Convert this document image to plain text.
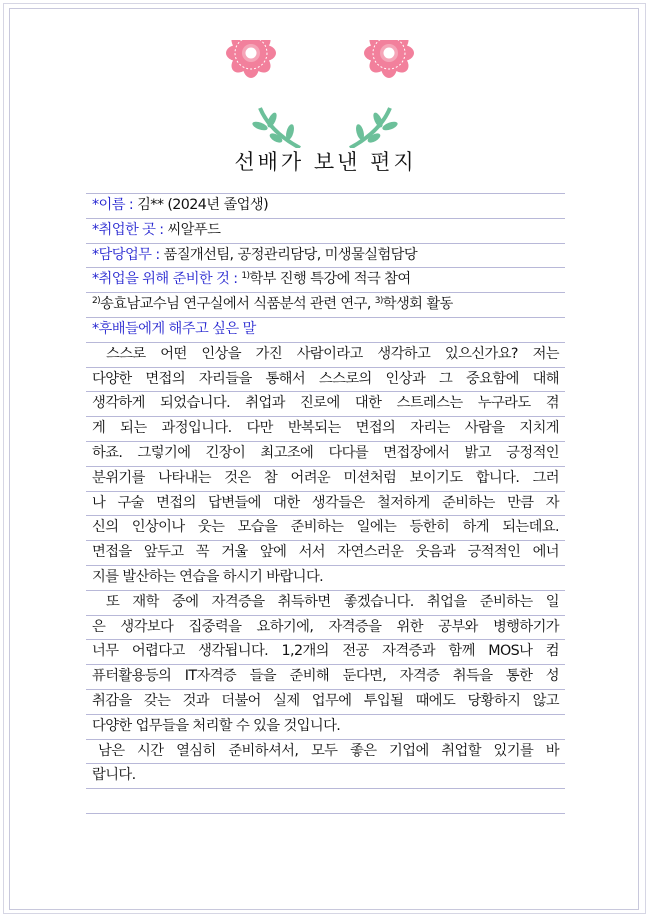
선배가 보낸 편지
*이름 : 김** (2024년 졸업생)
*취업한 곳 : 씨알푸드
*담당업무 : 품질개선팀, 공정관리담당, 미생물실험담당
*취업을 위해 준비한 것 : $^{1)}$학부 진행 특강에 적극 참여
$^{2)}$송효남교수님 연구실에서 식품분석 관련 연구, $^{3)}$학생회 활동
*후배들에게 해주고 싶은 말
스스로 어떤 인상을 가진 사람이라고 생각하고 있으신가요? 저는
다양한 면접의 자리들을 통해서 스스로의 인상과 그 중요함에 대해
생각하게 되었습니다. 취업과 진로에 대한 스트레스는 누구라도 겪
게 되는 과정입니다. 다만 반복되는 면접의 자리는 사람을 지치게
하죠. 그렇기에 긴장이 최고조에 다다를 면접장에서 밝고 긍정적인
분위기를 나타내는 것은 참 어려운 미션처럼 보이기도 합니다. 그러
나 구술 면접의 답변들에 대한 생각들은 철저하게 준비하는 만큼 자
신의 인상이나 웃는 모습을 준비하는 일에는 등한히 하게 되는데요.
면접을 앞두고 꼭 거울 앞에 서서 자연스러운 웃음과 긍적적인 에너
지를 발산하는 연습을 하시기 바랍니다.
또 재학 중에 자격증을 취득하면 좋겠습니다. 취업을 준비하는 일
은 생각보다 집중력을 요하기에, 자격증을 위한 공부와 병행하기가
너무 어렵다고 생각됩니다. 1,2개의 전공 자격증과 함께 MOS나 컴
퓨터활용등의 IT자격증 들을 준비해 둔다면, 자격증 취득을 통한 성
취감을 갖는 것과 더불어 실제 업무에 투입될 때에도 당황하지 않고
다양한 업무들을 처리할 수 있을 것입니다.
남은 시간 열심히 준비하셔서, 모두 좋은 기업에 취업할 있기를 바
랍니다.
